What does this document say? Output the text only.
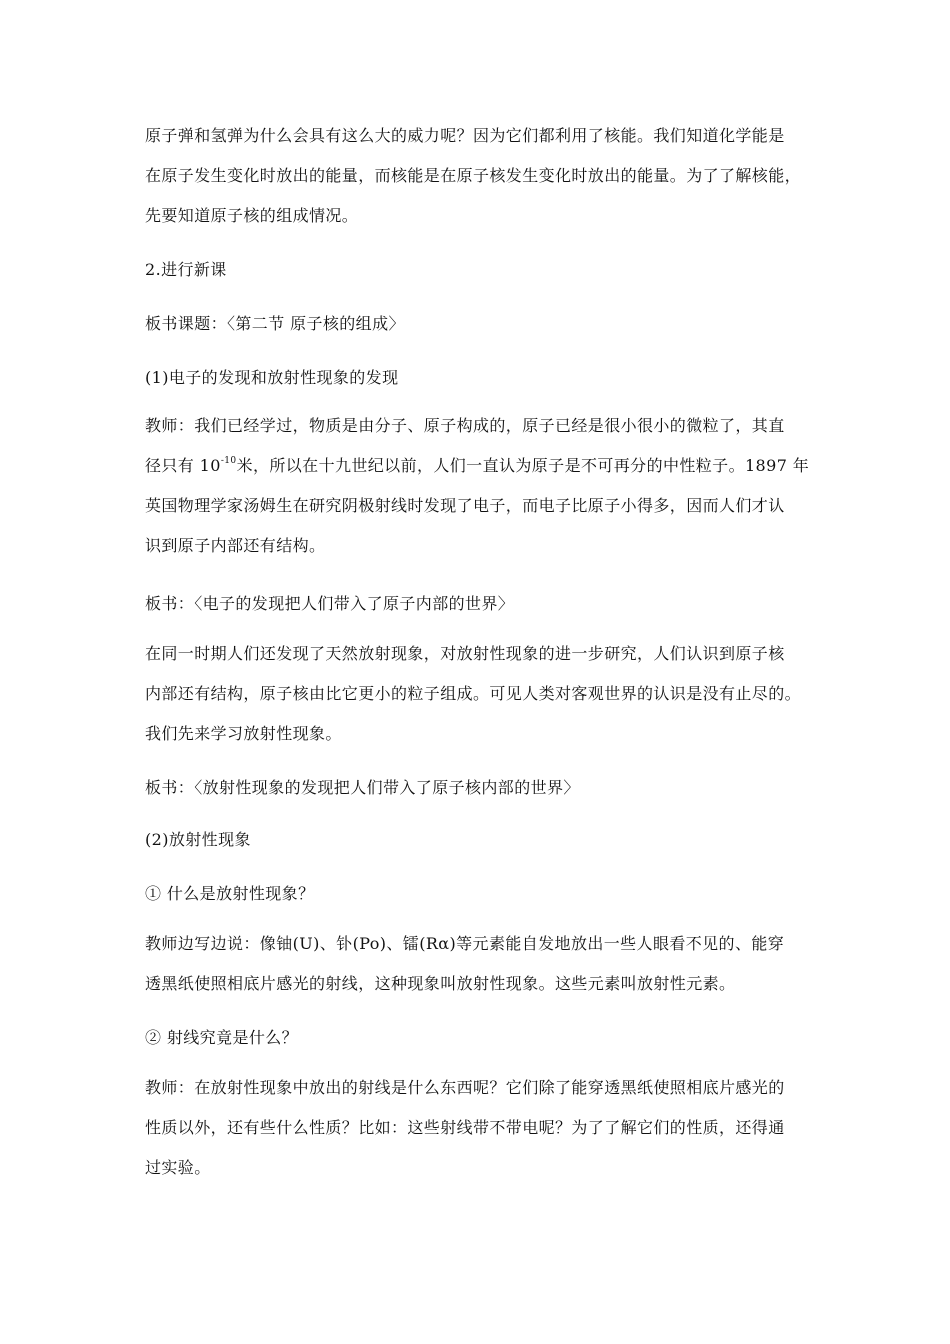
原子弹和氢弹为什么会具有这么大的威力呢？因为它们都利用了核能。我们知道化学能是
在原子发生变化时放出的能量，而核能是在原子核发生变化时放出的能量。为了了解核能，
先要知道原子核的组成情况。
2.进行新课
板书课题：〈第二节 原子核的组成〉
(1)电子的发现和放射性现象的发现
教师：我们已经学过，物质是由分子、原子构成的，原子已经是很小很小的微粒了，其直
径只有 $10^{-10}$米，所以在十九世纪以前，人们一直认为原子是不可再分的中性粒子。1897 年
英国物理学家汤姆生在研究阴极射线时发现了电子，而电子比原子小得多，因而人们才认
识到原子内部还有结构。
板书：〈电子的发现把人们带入了原子内部的世界〉
在同一时期人们还发现了天然放射现象，对放射性现象的进一步研究，人们认识到原子核
内部还有结构，原子核由比它更小的粒子组成。可见人类对客观世界的认识是没有止尽的。
我们先来学习放射性现象。
板书：〈放射性现象的发现把人们带入了原子核内部的世界〉
(2)放射性现象
① 什么是放射性现象？
教师边写边说：像铀(U)、钋(Po)、镭(Rα)等元素能自发地放出一些人眼看不见的、能穿
透黑纸使照相底片感光的射线，这种现象叫放射性现象。这些元素叫放射性元素。
② 射线究竟是什么？
教师：在放射性现象中放出的射线是什么东西呢？它们除了能穿透黑纸使照相底片感光的
性质以外，还有些什么性质？比如：这些射线带不带电呢？为了了解它们的性质，还得通
过实验。
